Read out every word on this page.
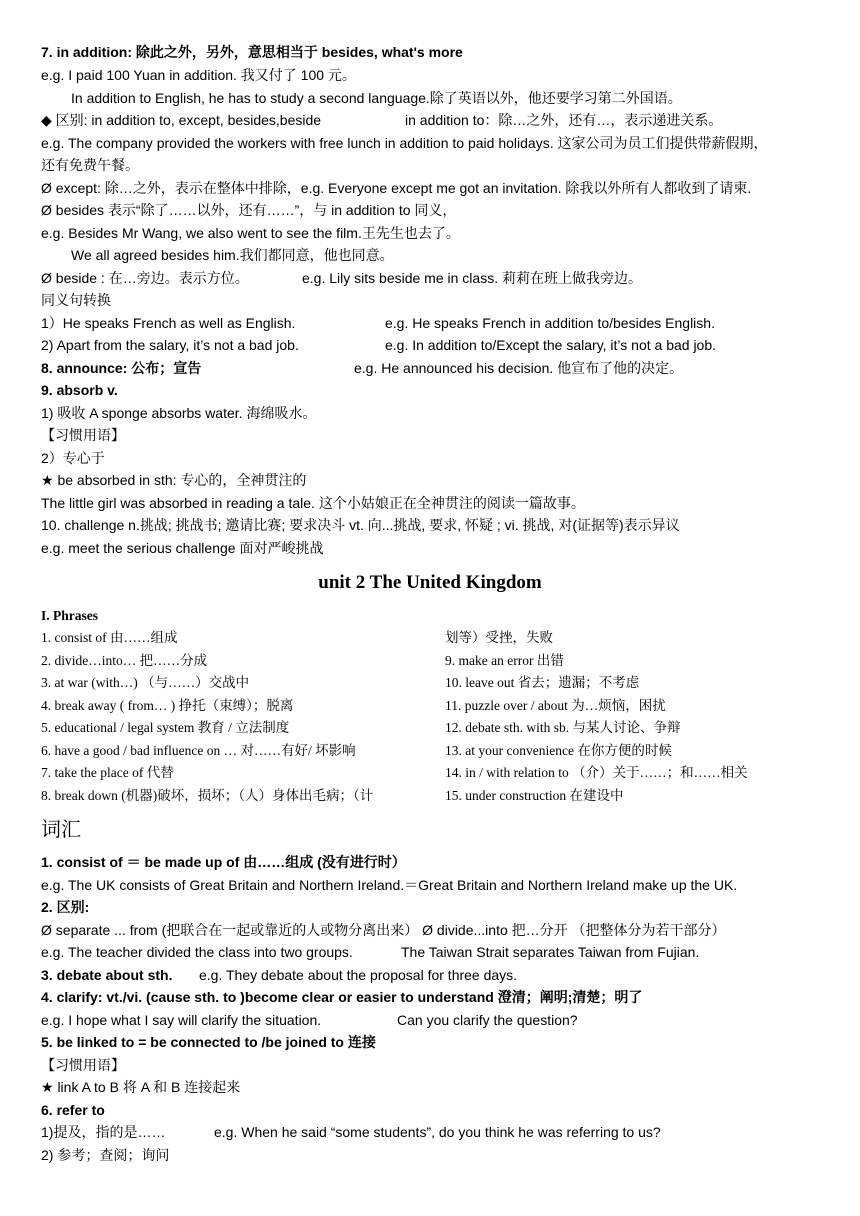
7. in addition: 除此之外，另外，意思相当于 besides, what's more
e.g. I paid 100 Yuan in addition. 我又付了 100 元。
In addition to English, he has to study a second language.除了英语以外，他还要学习第二外国语。
◆ 区别: in addition to, except, besides,beside	in addition to：除…之外，还有…，表示递进关系。
e.g. The company provided the workers with free lunch in addition to paid holidays. 这家公司为员工们提供带薪假期，
还有免费午餐。
Ø except: 除…之外，表示在整体中排除，e.g. Everyone except me got an invitation. 除我以外所有人都收到了请柬.
Ø besides 表示“除了……以外，还有……”，与 in addition to 同义，
e.g. Besides Mr Wang, we also went to see the film.王先生也去了。
We all agreed besides him.我们都同意，他也同意。
Ø beside : 在…旁边。表示方位。	e.g. Lily sits beside me in class. 莉莉在班上做我旁边。
同义句转换
1）He speaks French as well as English.	e.g. He speaks French in addition to/besides English.
2) Apart from the salary, it’s not a bad job.	e.g. In addition to/Except the salary, it’s not a bad job.
8. announce: 公布；宣告	e.g. He announced his decision. 他宣布了他的决定。
9. absorb v.
1) 吸收 A sponge absorbs water. 海绵吸水。
【习惯用语】
2）专心于
★ be absorbed in sth: 专心的，全神贯注的
The little girl was absorbed in reading a tale. 这个小姑娘正在全神贯注的阅读一篇故事。
10. challenge n.挑战; 挑战书; 邀请比赛; 要求决斗 vt. 向...挑战, 要求, 怀疑 ; vi. 挑战, 对(证据等)表示异议
e.g. meet the serious challenge 面对严峻挑战
unit 2 The United Kingdom
I. Phrases
1. consist of 由……组成
2. divide…into… 把……分成
3. at war (with…) （与……）交战中
4. break away ( from… ) 挣托（束缚）；脱离
5. educational / legal system 教育 / 立法制度
6. have a good / bad influence on … 对……有好/ 坏影响
7. take the place of 代替
8. break down (机器)破坏，损坏；（人）身体出毛病；（计
划等）受挫，失败
9. make an error 出错
10. leave out 省去；遗漏；不考虑
11. puzzle over / about 为…烦恼，困扰
12. debate sth. with sb. 与某人讨论、争辩
13. at your convenience 在你方便的时候
14. in / with relation to （介）关于……；和……相关
15. under construction 在建设中
词汇
1. consist of ＝ be made up of 由……组成 (没有进行时）
e.g. The UK consists of Great Britain and Northern Ireland.＝Great Britain and Northern Ireland make up the UK.
2. 区别:
Ø separate ... from (把联合在一起或靠近的人或物分离出来） Ø divide...into 把…分开 （把整体分为若干部分）
e.g. The teacher divided the class into two groups.	The Taiwan Strait separates Taiwan from Fujian.
3. debate about sth. e.g. They debate about the proposal for three days.
4. clarify: vt./vi. (cause sth. to )become clear or easier to understand 澄清；阐明;清楚；明了
e.g. I hope what I say will clarify the situation.	Can you clarify the question?
5. be linked to = be connected to /be joined to 连接
【习惯用语】
★ link A to B 将 A 和 B 连接起来
6. refer to
1)提及，指的是……	e.g. When he said “some students”, do you think he was referring to us?
2) 参考；查阅；询问
